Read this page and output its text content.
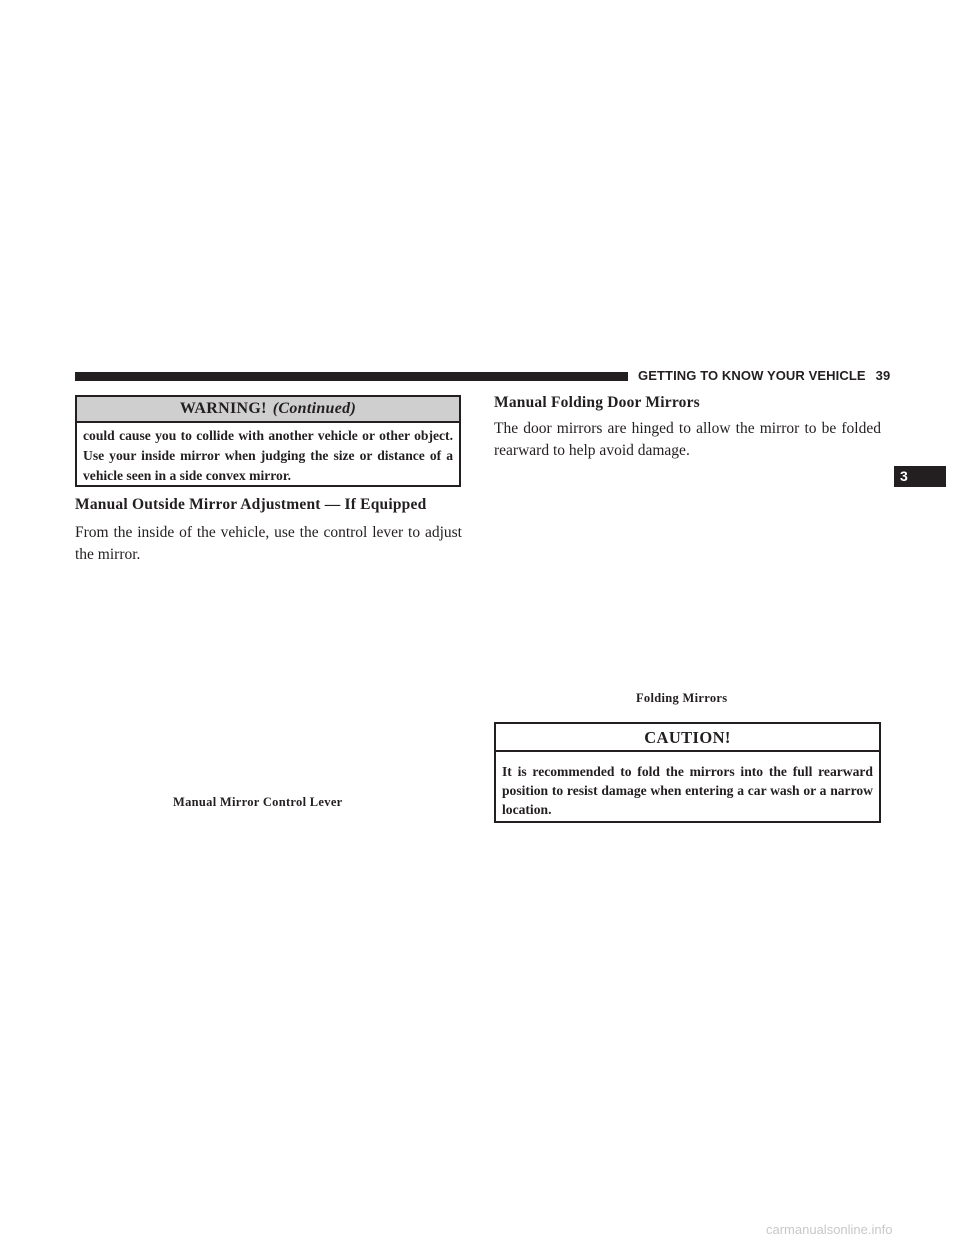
GETTING TO KNOW YOUR VEHICLE 39
3
WARNING! (Continued)
could cause you to collide with another vehicle or other object. Use your inside mirror when judging the size or distance of a vehicle seen in a side convex mirror.
Manual Outside Mirror Adjustment — If Equipped
From the inside of the vehicle, use the control lever to adjust the mirror.
Manual Mirror Control Lever
Manual Folding Door Mirrors
The door mirrors are hinged to allow the mirror to be folded rearward to help avoid damage.
Folding Mirrors
CAUTION!
It is recommended to fold the mirrors into the full rearward position to resist damage when entering a car wash or a narrow location.
carmanualsonline.info
